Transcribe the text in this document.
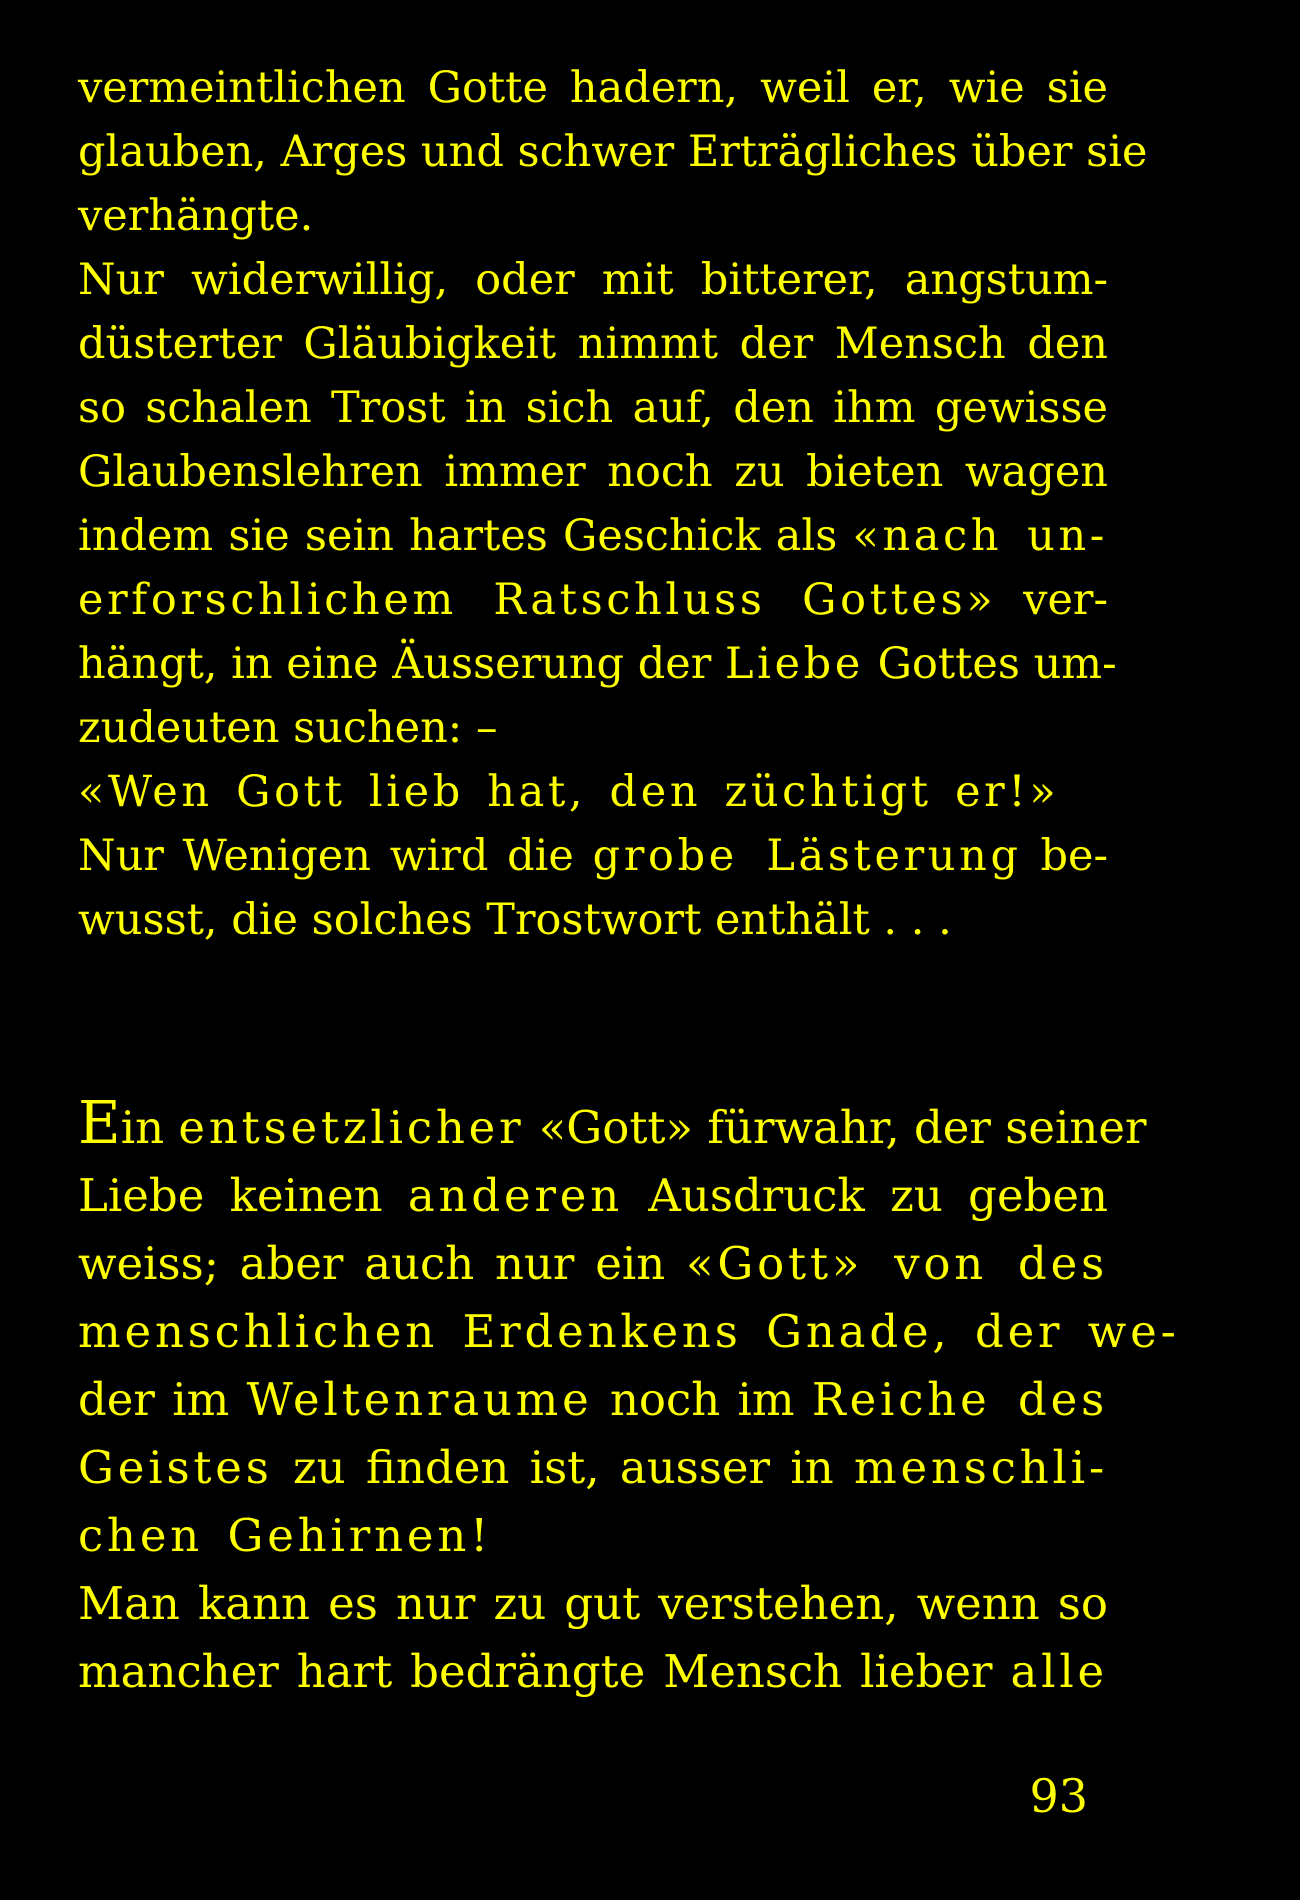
vermeintlichen Gotte hadern, weil er, wie sie
glauben, Arges und schwer Erträgliches über sie
verhängte.
Nur widerwillig, oder mit bitterer, angstum-
düsterter Gläubigkeit nimmt der Mensch den
so schalen Trost in sich auf, den ihm gewisse
Glaubenslehren immer noch zu bieten wagen
indem sie sein hartes Geschick als «nach un-
erforschlichem Ratschluss Gottes» ver-
hängt, in eine Äusserung der Liebe Gottes um-
zudeuten suchen: –
«Wen Gott lieb hat, den züchtigt er!»
Nur Wenigen wird die grobe Lästerung be-
wusst, die solches Trostwort enthält . . .
Ein entsetzlicher «Gott» fürwahr, der seiner
Liebe keinen anderen Ausdruck zu geben
weiss; aber auch nur ein «Gott» von des
menschlichen Erdenkens Gnade, der we-
der im Weltenraume noch im Reiche des
Geistes zu finden ist, ausser in menschli-
chen Gehirnen!
Man kann es nur zu gut verstehen, wenn so
mancher hart bedrängte Mensch lieber alle
93
